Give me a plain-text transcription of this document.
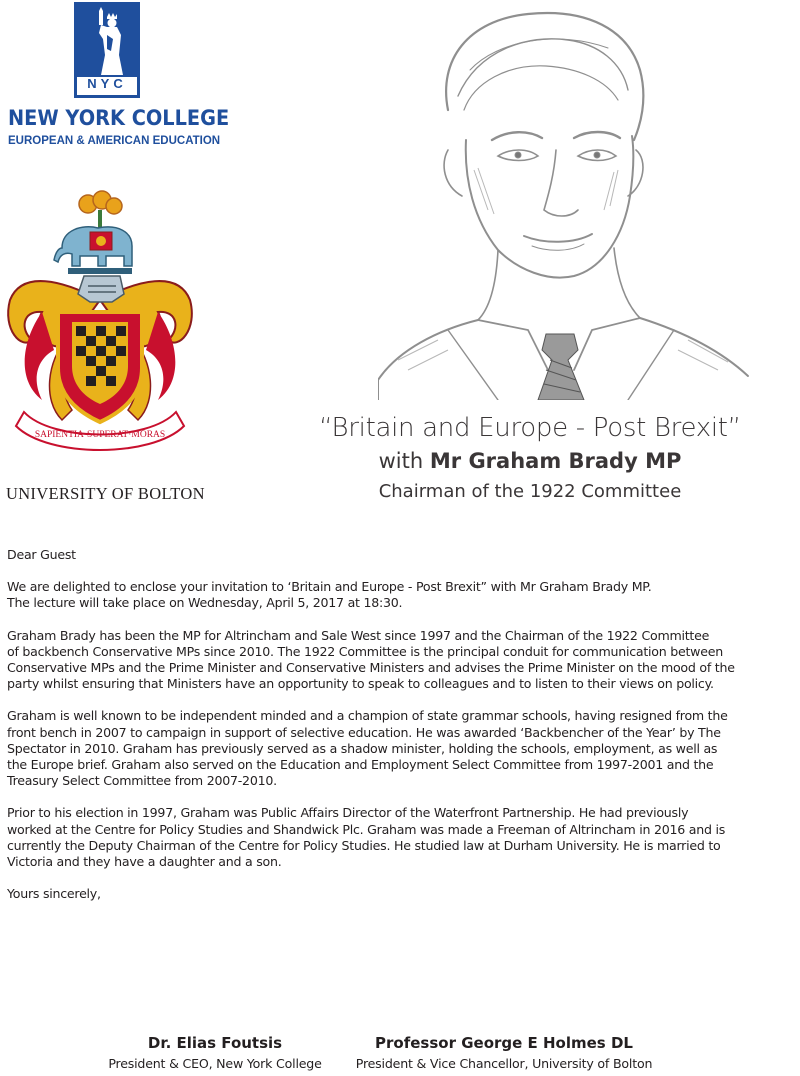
NYC
NEW YORK COLLEGE
EUROPEAN & AMERICAN EDUCATION
SAPIENTIA·SUPERAT·MORAS
UNIVERSITY OF BOLTON
“Britain and Europe - Post Brexit”
with Mr Graham Brady MP
Chairman of the 1922 Committee

Dear Guest

We are delighted to enclose your invitation to ‘Britain and Europe - Post Brexit” with Mr Graham Brady MP.
The lecture will take place on Wednesday, April 5, 2017 at 18:30.

Graham Brady has been the MP for Altrincham and Sale West since 1997 and the Chairman of the 1922 Committee
of backbench Conservative MPs since 2010. The 1922 Committee is the principal conduit for communication between
Conservative MPs and the Prime Minister and Conservative Ministers and advises the Prime Minister on the mood of the
party whilst ensuring that Ministers have an opportunity to speak to colleagues and to listen to their views on policy.

Graham is well known to be independent minded and a champion of state grammar schools, having resigned from the
front bench in 2007 to campaign in support of selective education. He was awarded ‘Backbencher of the Year’ by The
Spectator in 2010. Graham has previously served as a shadow minister, holding the schools, employment, as well as
the Europe brief. Graham also served on the Education and Employment Select Committee from 1997-2001 and the
Treasury Select Committee from 2007-2010.

Prior to his election in 1997, Graham was Public Affairs Director of the Waterfront Partnership. He had previously
worked at the Centre for Policy Studies and Shandwick Plc. Graham was made a Freeman of Altrincham in 2016 and is
currently the Deputy Chairman of the Centre for Policy Studies. He studied law at Durham University. He is married to
Victoria and they have a daughter and a son.

Yours sincerely,

Dr. Elias Foutsis
President & CEO, New York College
Professor George E Holmes DL
President & Vice Chancellor, University of Bolton
